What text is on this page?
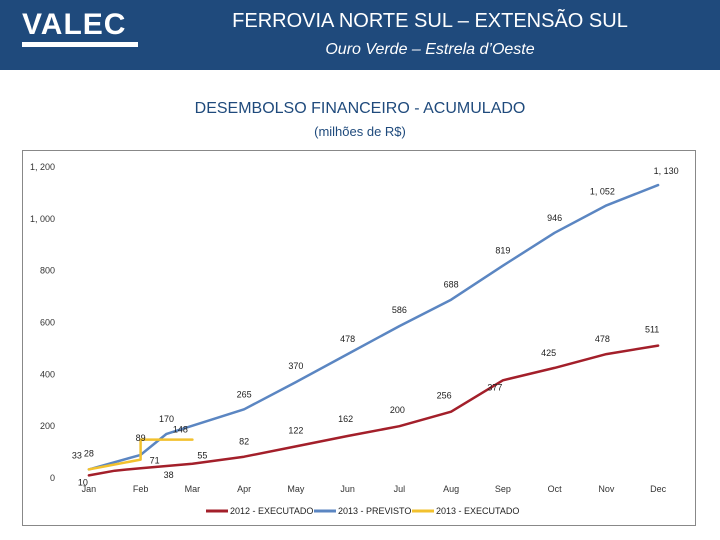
VALEC	FERROVIA NORTE SUL – EXTENSÃO SUL
Ouro Verde – Estrela d’Oeste
DESEMBOLSO FINANCEIRO - ACUMULADO
(milhões de R$)
0
200
400
600
800
1, 000
1, 200
Jan	Feb	Mar	Apr	May	Jun	Jul	Aug	Sep	Oct	Nov	Dec
10
28
38
55
82
122
162
200
256
377
425
478
511
33
89
170
265
370
478
586
688
819
946
1, 052
1, 130
71
148
2012 - EXECUTADO	2013 - PREVISTO	2013 - EXECUTADO
